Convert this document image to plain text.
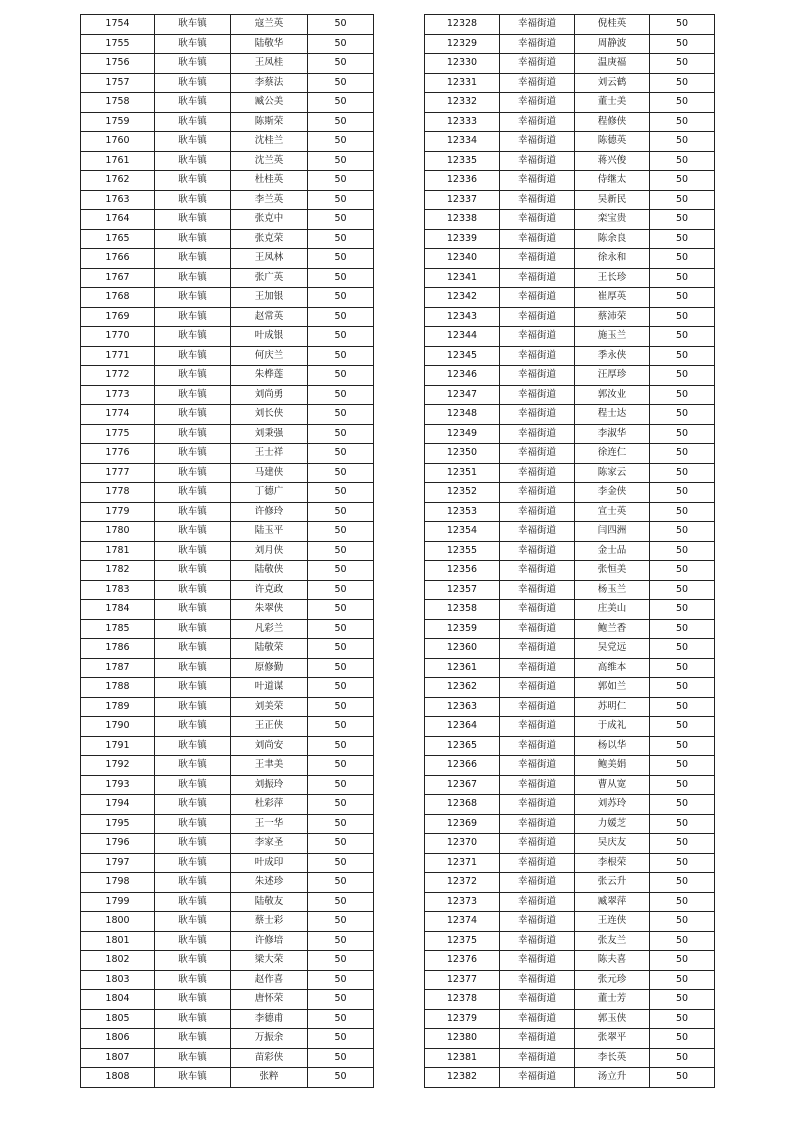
1754	耿车镇	寇兰英	50
1755	耿车镇	陆敬华	50
1756	耿车镇	王凤桂	50
1757	耿车镇	李蔡法	50
1758	耿车镇	臧公美	50
1759	耿车镇	陈斯荣	50
1760	耿车镇	沈桂兰	50
1761	耿车镇	沈兰英	50
1762	耿车镇	杜桂英	50
1763	耿车镇	李兰英	50
1764	耿车镇	张克中	50
1765	耿车镇	张克荣	50
1766	耿车镇	王凤林	50
1767	耿车镇	张广英	50
1768	耿车镇	王加银	50
1769	耿车镇	赵常英	50
1770	耿车镇	叶成银	50
1771	耿车镇	何庆兰	50
1772	耿车镇	朱桦莲	50
1773	耿车镇	刘尚勇	50
1774	耿车镇	刘长侠	50
1775	耿车镇	刘秉强	50
1776	耿车镇	王士祥	50
1777	耿车镇	马建侠	50
1778	耿车镇	丁德广	50
1779	耿车镇	许修玲	50
1780	耿车镇	陆玉平	50
1781	耿车镇	刘月侠	50
1782	耿车镇	陆敬侠	50
1783	耿车镇	许克政	50
1784	耿车镇	朱翠侠	50
1785	耿车镇	凡彩兰	50
1786	耿车镇	陆敬荣	50
1787	耿车镇	原修勤	50
1788	耿车镇	叶道谋	50
1789	耿车镇	刘美荣	50
1790	耿车镇	王正侠	50
1791	耿车镇	刘尚安	50
1792	耿车镇	王聿美	50
1793	耿车镇	刘振玲	50
1794	耿车镇	杜彩萍	50
1795	耿车镇	王一华	50
1796	耿车镇	李家圣	50
1797	耿车镇	叶成印	50
1798	耿车镇	朱述珍	50
1799	耿车镇	陆敬友	50
1800	耿车镇	蔡士彩	50
1801	耿车镇	许修培	50
1802	耿车镇	梁大荣	50
1803	耿车镇	赵作喜	50
1804	耿车镇	唐怀荣	50
1805	耿车镇	李德甫	50
1806	耿车镇	万振余	50
1807	耿车镇	苗彩侠	50
1808	耿车镇	张粹	50
12328	幸福街道	倪桂英	50
12329	幸福街道	周静波	50
12330	幸福街道	温庚福	50
12331	幸福街道	刘云鹤	50
12332	幸福街道	董士美	50
12333	幸福街道	程修侠	50
12334	幸福街道	陈德英	50
12335	幸福街道	蒋兴俊	50
12336	幸福街道	侍继太	50
12337	幸福街道	吴新民	50
12338	幸福街道	栾宝贵	50
12339	幸福街道	陈余良	50
12340	幸福街道	徐永和	50
12341	幸福街道	王长珍	50
12342	幸福街道	崔厚英	50
12343	幸福街道	蔡沛荣	50
12344	幸福街道	施玉兰	50
12345	幸福街道	季永侠	50
12346	幸福街道	汪厚珍	50
12347	幸福街道	郭汝业	50
12348	幸福街道	程士达	50
12349	幸福街道	李淑华	50
12350	幸福街道	徐连仁	50
12351	幸福街道	陈家云	50
12352	幸福街道	李金侠	50
12353	幸福街道	宣士英	50
12354	幸福街道	闫四洲	50
12355	幸福街道	金士品	50
12356	幸福街道	张恒美	50
12357	幸福街道	杨玉兰	50
12358	幸福街道	庄美山	50
12359	幸福街道	鲍兰香	50
12360	幸福街道	吴党远	50
12361	幸福街道	高维本	50
12362	幸福街道	郭如兰	50
12363	幸福街道	苏明仁	50
12364	幸福街道	于成礼	50
12365	幸福街道	杨以华	50
12366	幸福街道	鲍美娟	50
12367	幸福街道	曹从宽	50
12368	幸福街道	刘苏玲	50
12369	幸福街道	力媛芝	50
12370	幸福街道	吴庆友	50
12371	幸福街道	李根荣	50
12372	幸福街道	张云升	50
12373	幸福街道	臧翠萍	50
12374	幸福街道	王连侠	50
12375	幸福街道	张友兰	50
12376	幸福街道	陈夫喜	50
12377	幸福街道	张元珍	50
12378	幸福街道	董士芳	50
12379	幸福街道	郭玉侠	50
12380	幸福街道	张翠平	50
12381	幸福街道	李长英	50
12382	幸福街道	汤立升	50
